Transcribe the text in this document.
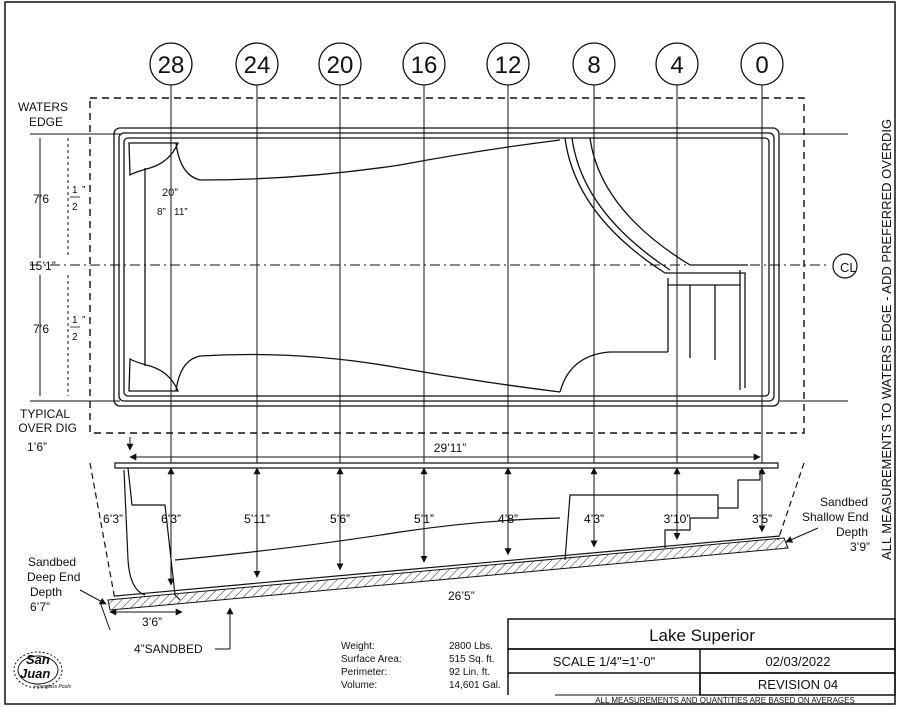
28 24 20 16 12	8	4	0
6’3”	5’11”	5’6”	5’1”	4’8”	4’3”	3’10”	3’5”
WATERS
EDGE
TYPICAL
OVER DIG
1’6”
15’1”
7’6
1
2
”
7’6
1
2
”
CL
20”
8” 11”
29’11”	ALL MEASUREMENTS TO WATERS EDGE - ADD PREFERRED OVERDIG
Sandbed
Deep End
Depth
6’7”
Sandbed
Shallow End
Depth
3’9”
26’5”
3’6”
4”SANDBED
6’3”
Weight:	2800 Lbs.
Surface Area:	515 Sq. ft.
Perimeter:	92 Lin. ft.
Volume:	14,601 Gal.
Lake Superior
SCALE 1/4"=1'-0"	02/03/2022
REVISION 04
ALL MEASUREMENTS AND QUANTITIES ARE BASED ON AVERAGES
San
Juan
Fiberglass Pools
